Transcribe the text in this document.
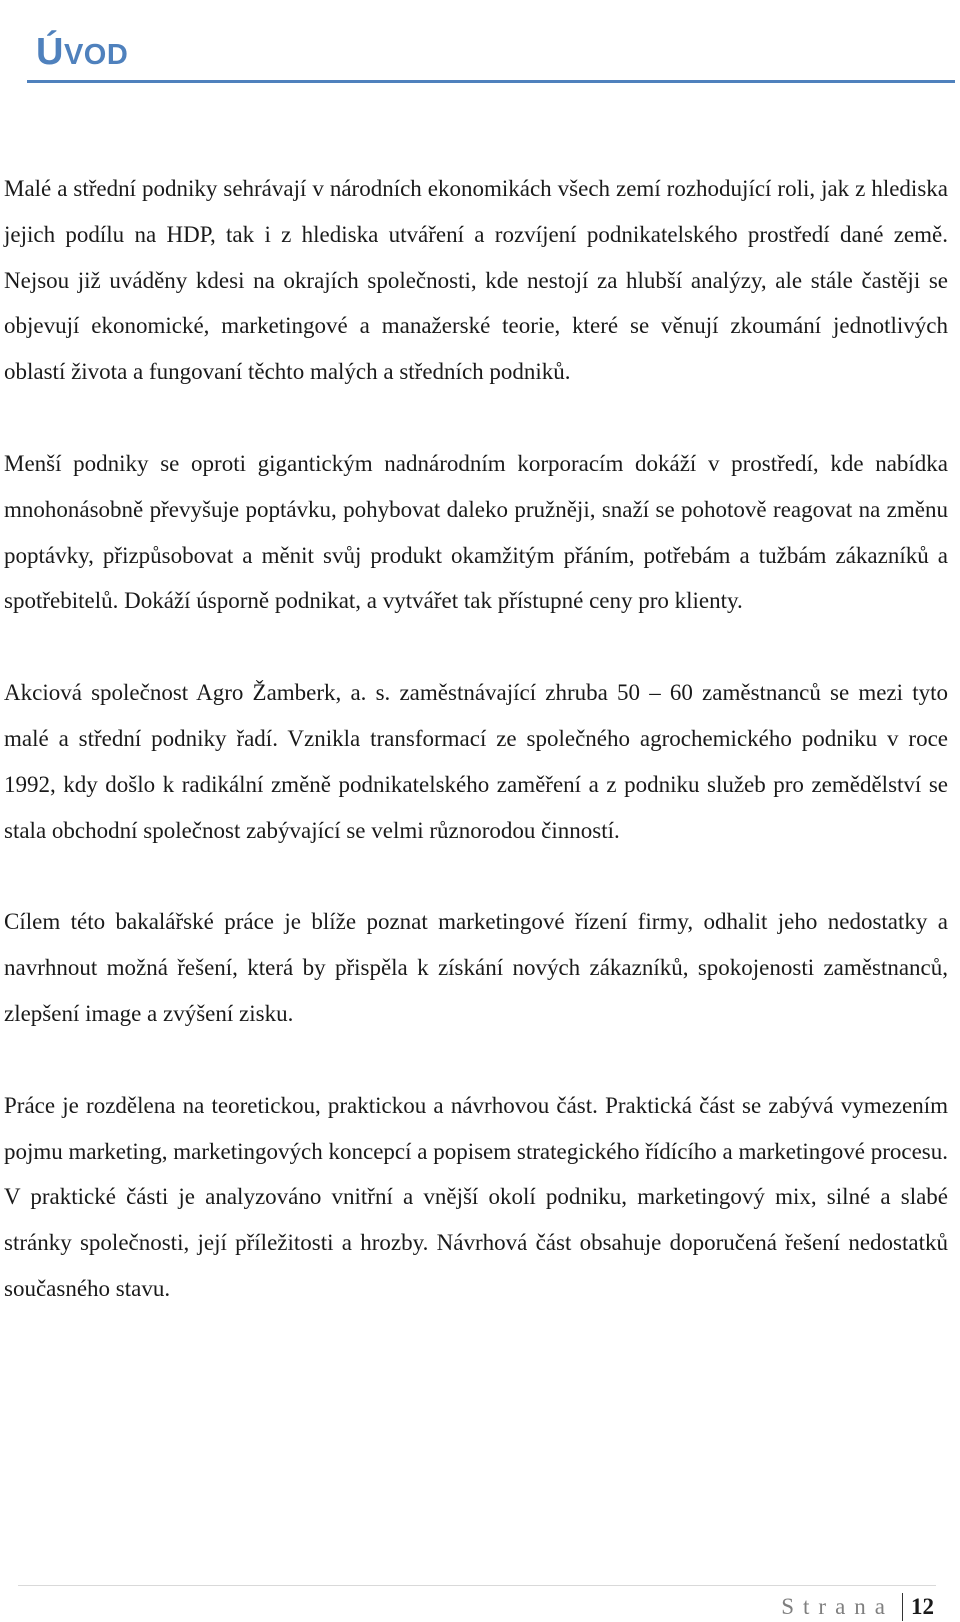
ÚVOD

Malé a střední podniky sehrávají v národních ekonomikách všech zemí rozhodující roli, jak z hlediska jejich podílu na HDP, tak i z hlediska utváření a rozvíjení podnikatelského prostředí dané země. Nejsou již uváděny kdesi na okrajích společnosti, kde nestojí za hlubší analýzy, ale stále častěji se objevují ekonomické, marketingové a manažerské teorie, které se věnují zkoumání jednotlivých oblastí života a fungovaní těchto malých a středních podniků.

Menší podniky se oproti gigantickým nadnárodním korporacím dokáží v prostředí, kde nabídka mnohonásobně převyšuje poptávku, pohybovat daleko pružněji, snaží se pohotově reagovat na změnu poptávky, přizpůsobovat a měnit svůj produkt okamžitým přáním, potřebám a tužbám zákazníků a spotřebitelů. Dokáží úsporně podnikat, a vytvářet tak přístupné ceny pro klienty.

Akciová společnost Agro Žamberk, a. s. zaměstnávající zhruba 50 – 60 zaměstnanců se mezi tyto malé a střední podniky řadí. Vznikla transformací ze společného agrochemického podniku v roce 1992, kdy došlo k radikální změně podnikatelského zaměření a z podniku služeb pro zemědělství se stala obchodní společnost zabývající se velmi různorodou činností.

Cílem této bakalářské práce je blíže poznat marketingové řízení firmy, odhalit jeho nedostatky a navrhnout možná řešení, která by přispěla k získání nových zákazníků, spokojenosti zaměstnanců, zlepšení image a zvýšení zisku.

Práce je rozdělena na teoretickou, praktickou a návrhovou část. Praktická část se zabývá vymezením pojmu marketing, marketingových koncepcí a popisem strategického řídícího a marketingové procesu. V praktické části je analyzováno vnitřní a vnější okolí podniku, marketingový mix, silné a slabé stránky společnosti, její příležitosti a hrozby. Návrhová část obsahuje doporučená řešení nedostatků současného stavu.

Strana 12
